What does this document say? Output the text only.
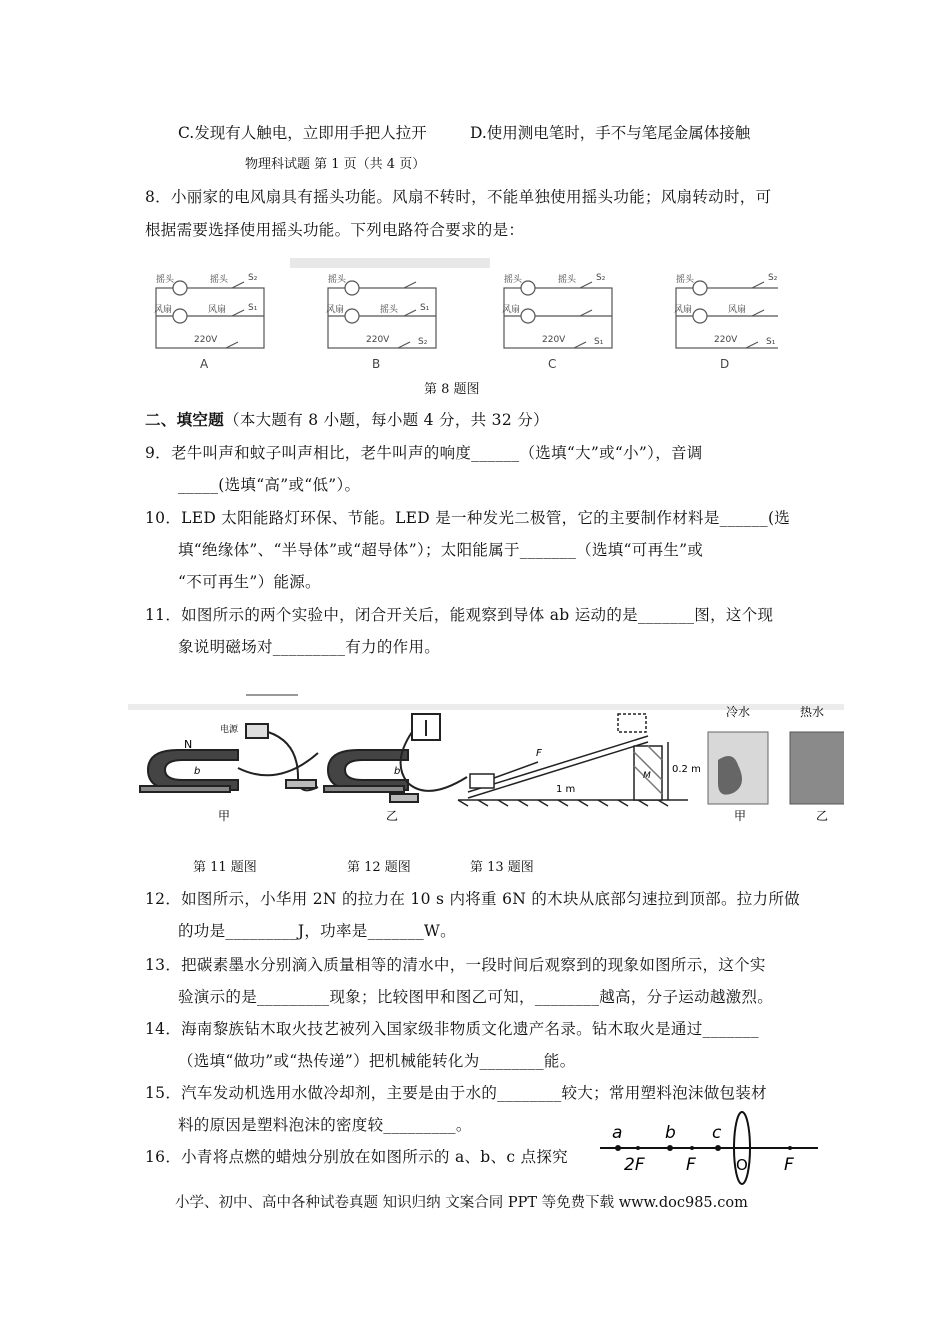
C.发现有人触电，立即用手把人拉开	D.使用测电笔时，手不与笔尾金属体接触
物理科试题 第 1 页（共 4 页）
8．小丽家的电风扇具有摇头功能。风扇不转时，不能单独使用摇头功能；风扇转动时，可
根据需要选择使用摇头功能。下列电路符合要求的是：
摇头	摇头 S₂
风扇	风扇 S₁
220V
A
摇头
风扇	摇头 S₁
220V	S₂
B
摇头	摇头 S₂
风扇
220V	S₁
C
摇头	S₂
风扇	风扇
220V	S₁
D
第 8 题图
二、填空题（本大题有 8 小题，每小题 4 分，共 32 分）
9．老牛叫声和蚊子叫声相比，老牛叫声的响度______（选填“大”或“小”），音调
_____(选填“高”或“低”）。
10．LED 太阳能路灯环保、节能。LED 是一种发光二极管，它的主要制作材料是______(选
填“绝缘体”、“半导体”或“超导体”）；太阳能属于_______（选填“可再生”或
“不可再生”）能源。
11．如图所示的两个实验中，闭合开关后，能观察到导体 ab 运动的是_______图，这个现
象说明磁场对_________有力的作用。
N
电源
b
甲
b
乙
F
1 m
0.2 m
M
冷水	热水
甲	乙
第 11 题图	第 12 题图	第 13 题图
12．如图所示，小华用 2N 的拉力在 10 s 内将重 6N 的木块从底部匀速拉到顶部。拉力所做
的功是_________J，功率是_______W。
13．把碳素墨水分别滴入质量相等的清水中，一段时间后观察到的现象如图所示，这个实
验演示的是_________现象；比较图甲和图乙可知，________越高，分子运动越激烈。
14．海南黎族钻木取火技艺被列入国家级非物质文化遗产名录。钻木取火是通过_______
（选填“做功”或“热传递”）把机械能转化为________能。
15．汽车发动机选用水做冷却剂，主要是由于水的________较大；常用塑料泡沫做包装材
料的原因是塑料泡沫的密度较_________。
16．小青将点燃的蜡烛分别放在如图所示的 a、b、c 点探究
a	b c
2F F	O F
小学、初中、高中各种试卷真题 知识归纳 文案合同 PPT 等免费下载 www.doc985.com
